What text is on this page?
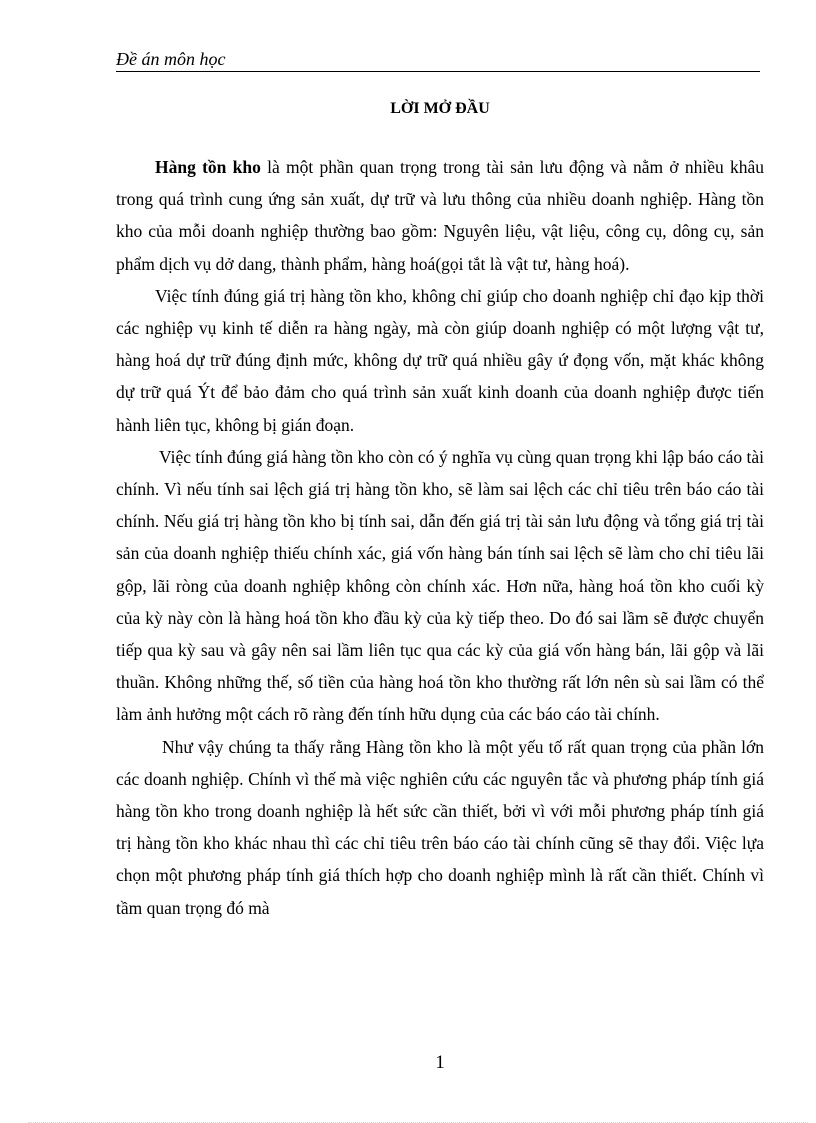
Đề án môn học
LỜI MỞ ĐẦU

Hàng tồn kho là một phần quan trọng trong tài sản lưu động và nằm ở nhiều khâu trong quá trình cung ứng sản xuất, dự trữ và lưu thông của nhiều doanh nghiệp. Hàng tồn kho của mỗi doanh nghiệp thường bao gồm: Nguyên liệu, vật liệu, công cụ, dông cụ, sản phẩm dịch vụ dở dang, thành phẩm, hàng hoá(gọi tắt là vật tư, hàng hoá).

Việc tính đúng giá trị hàng tồn kho, không chỉ giúp cho doanh nghiệp chỉ đạo kịp thời các nghiệp vụ kinh tế diễn ra hàng ngày, mà còn giúp doanh nghiệp có một lượng vật tư, hàng hoá dự trữ đúng định mức, không dự trữ quá nhiều gây ứ đọng vốn, mặt khác không dự trữ quá Ýt để bảo đảm cho quá trình sản xuất kinh doanh của doanh nghiệp được tiến hành liên tục, không bị gián đoạn.

Việc tính đúng giá hàng tồn kho còn có ý nghĩa vụ cùng quan trọng khi lập báo cáo tài chính. Vì nếu tính sai lệch giá trị hàng tồn kho, sẽ làm sai lệch các chỉ tiêu trên báo cáo tài chính. Nếu giá trị hàng tồn kho bị tính sai, dẫn đến giá trị tài sản lưu động và tổng giá trị tài sản của doanh nghiệp thiếu chính xác, giá vốn hàng bán tính sai lệch sẽ làm cho chỉ tiêu lãi gộp, lãi ròng của doanh nghiệp không còn chính xác. Hơn nữa, hàng hoá tồn kho cuối kỳ của kỳ này còn là hàng hoá tồn kho đầu kỳ của kỳ tiếp theo. Do đó sai lầm sẽ được chuyển tiếp qua kỳ sau và gây nên sai lầm liên tục qua các kỳ của giá vốn hàng bán, lãi gộp và lãi thuần. Không những thế, số tiền của hàng hoá tồn kho thường rất lớn nên sù sai lầm có thể làm ảnh hưởng một cách rõ ràng đến tính hữu dụng của các báo cáo tài chính.

Như vậy chúng ta thấy rằng Hàng tồn kho là một yếu tố rất quan trọng của phần lớn các doanh nghiệp. Chính vì thế mà việc nghiên cứu các nguyên tắc và phương pháp tính giá hàng tồn kho trong doanh nghiệp là hết sức cần thiết, bởi vì với mỗi phương pháp tính giá trị hàng tồn kho khác nhau thì các chỉ tiêu trên báo cáo tài chính cũng sẽ thay đổi. Việc lựa chọn một phương pháp tính giá thích hợp cho doanh nghiệp mình là rất cần thiết. Chính vì tầm quan trọng đó mà

1
